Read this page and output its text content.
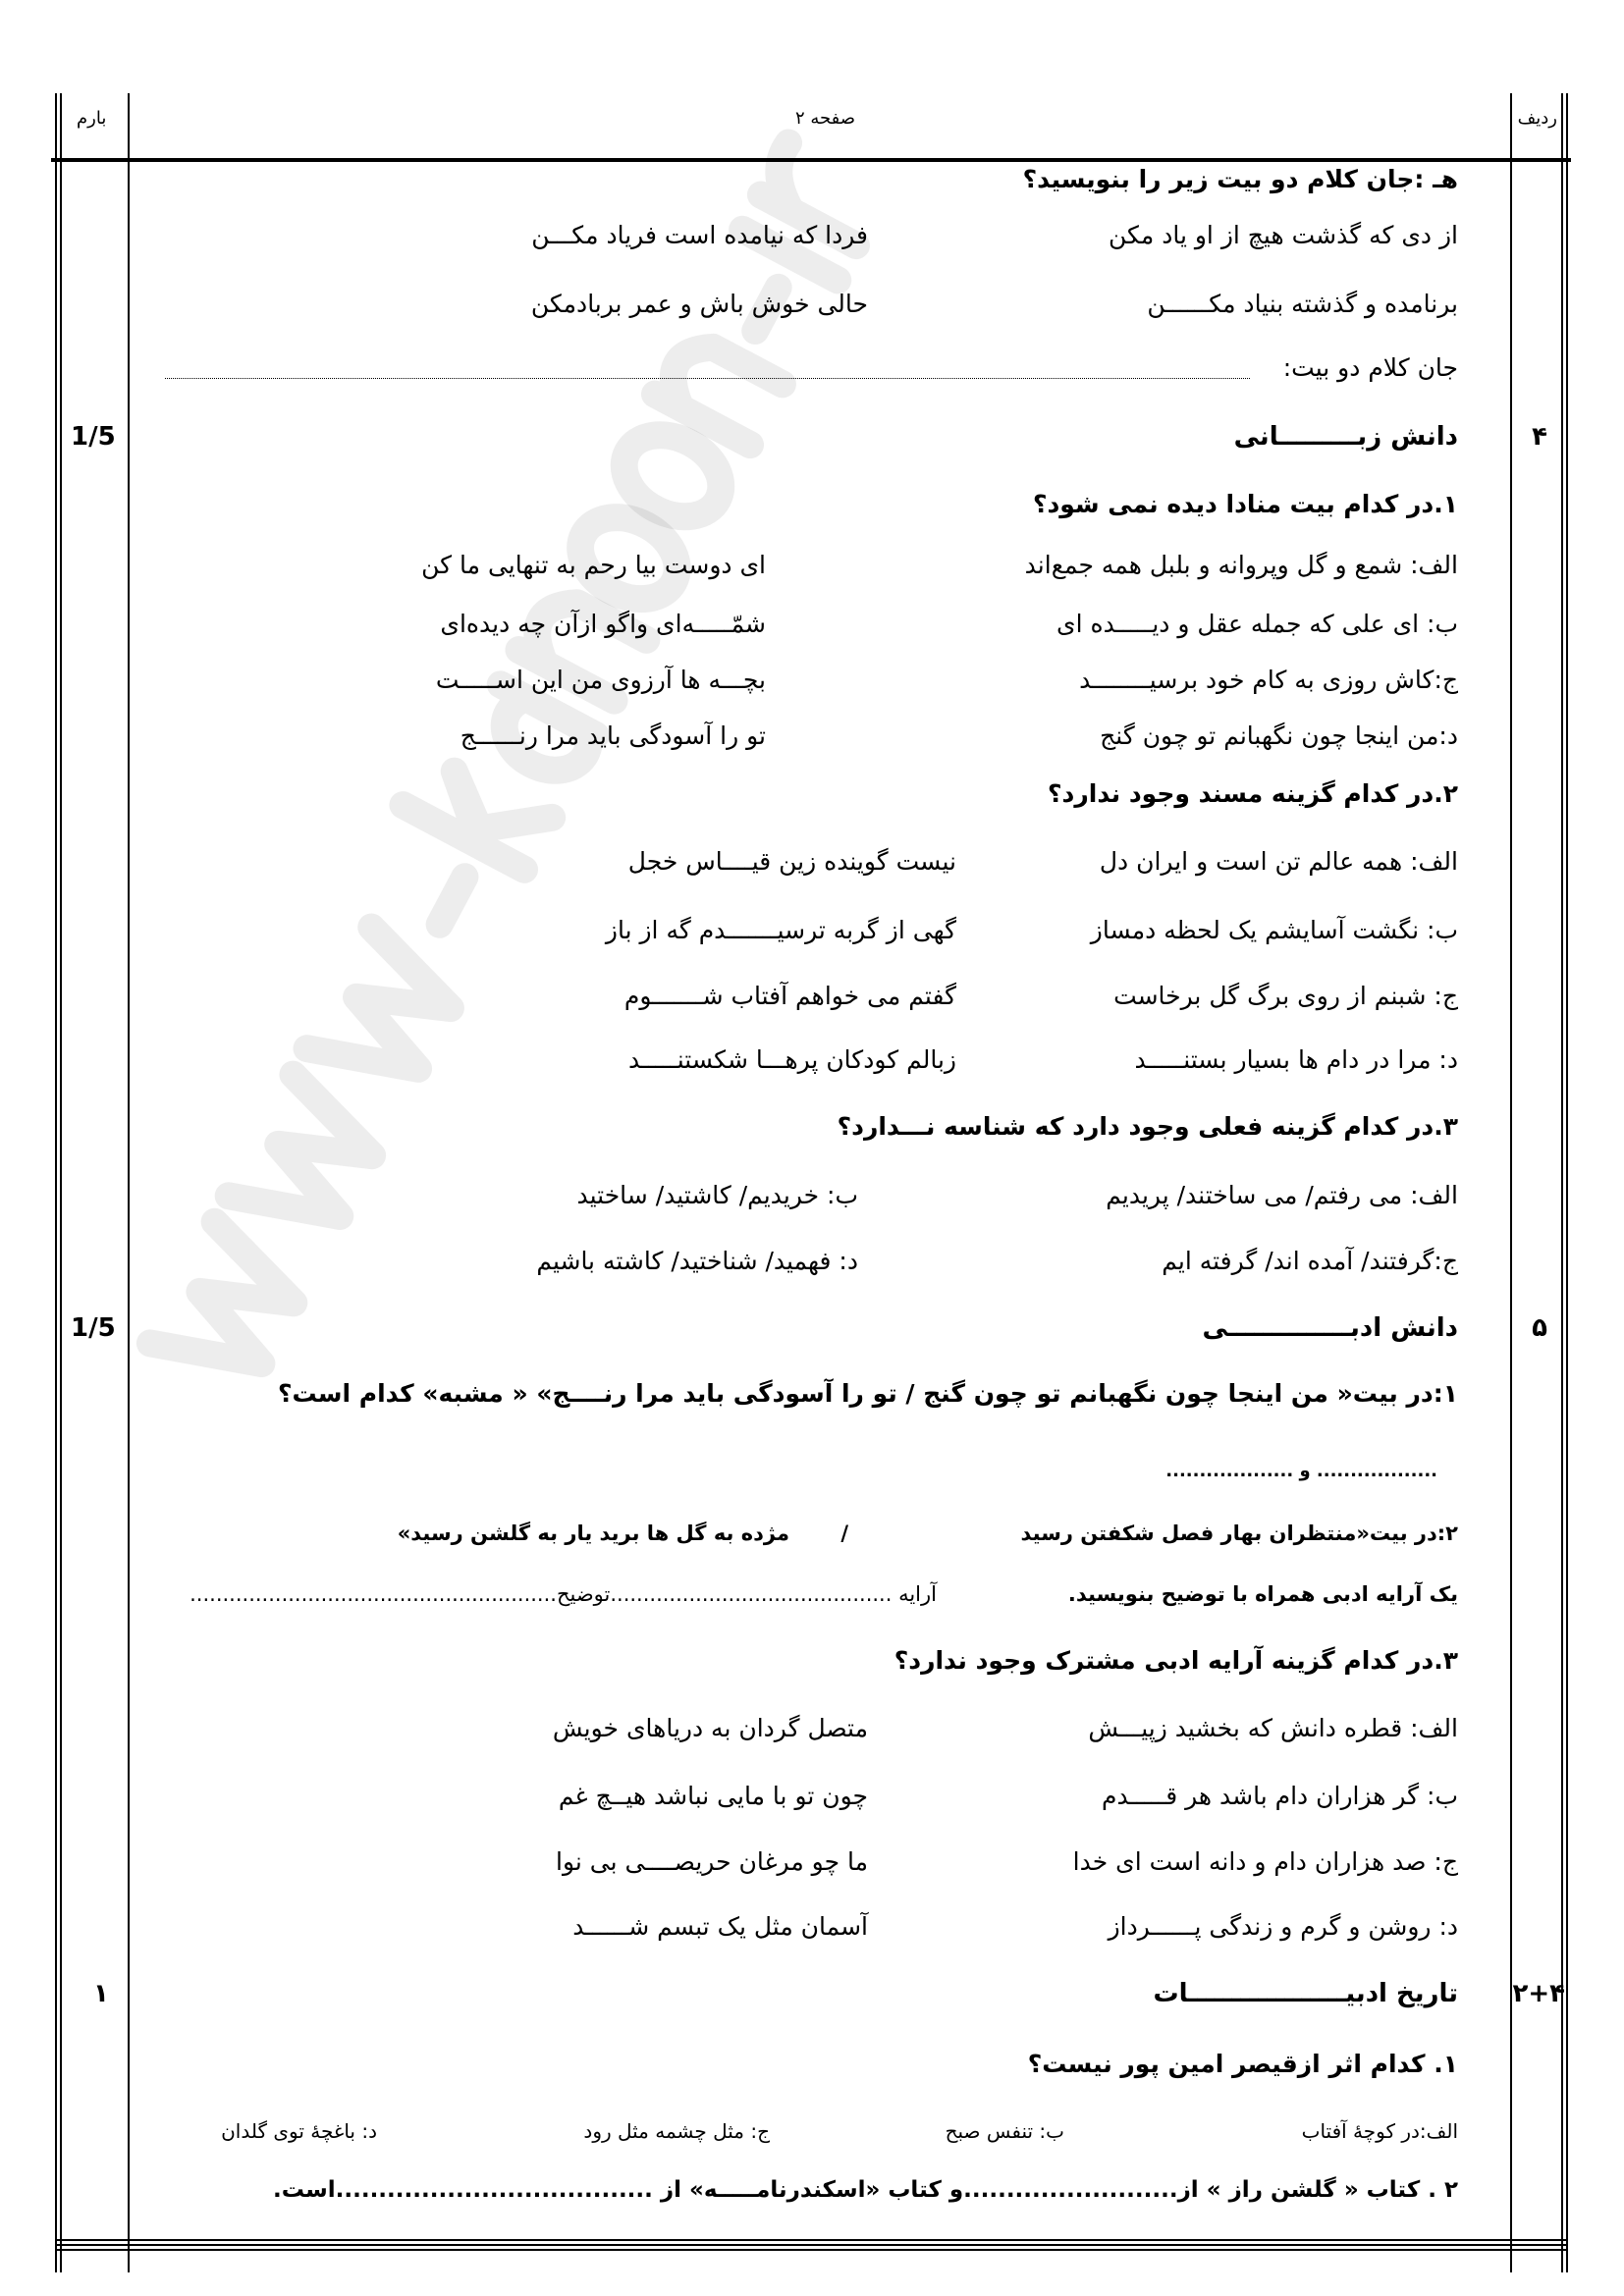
بارم	صفحه ۲	ردیف
هـ :جان کلام دو بیت زیر را بنویسید؟
از دی که گذشت هیچ از او یاد مکن
فردا که نیامده است فریاد مکـــن
برنامده و گذشته بنیاد مکــــــن
حالی خوش باش و عمر بربادمکن
جان کلام دو بیت:
۴
1/5	دانش زبـــــــــانی
۱.در کدام بیت منادا دیده نمی شود؟
الف: شمع و گل وپروانه و بلبل همه جمع‌اند
ای دوست بیا رحم به تنهایی ما کن
ب: ای علی که جمله عقل و دیـــــده ای
شمّـــــه‌ای واگو ازآن چه دیده‌ای
ج:کاش روزی به کام خود برسیــــــــد
بچـــه ها آرزوی من این اســـــت
د:من اینجا چون نگهبانم تو چون گنج
تو را آسودگی باید مرا رنــــــج
۲.در کدام گزینه مسند وجود ندارد؟
الف: همه عالم تن است و ایران دل
نیست گوینده زین قیــــاس خجل
ب: نگشت آسایشم یک لحظه دمساز
گهی از گربه ترسیـــــــدم گه از باز
ج: شبنم از روی برگ گل برخاست
گفتم می خواهم آفتاب شـــــــوم
د: مرا در دام ها بسیار بستنـــــد
زبالم کودکان پرهـــا شکستنـــــد
۳.در کدام گزینه فعلی وجود دارد که شناسه نـــدارد؟
الف: می رفتم/ می ساختند/ پریدیم
ب: خریدیم/ کاشتید/ ساختید
ج:گرفتند/ آمده اند/ گرفته ایم
د: فهمید/ شناختید/ کاشته باشیم
۵
1/5	دانش ادبــــــــــــــی
۱:در بیت« من اینجا چون نگهبانم تو چون گنج / تو را آسودگی باید مرا رنــــج» « مشبه» کدام است؟
.................. و ...................
۲:در بیت«منتظران بهار فصل شکفتن رسید
/
مژده به گل ها برید یار به گلشن رسید»
یک آرایه ادبی همراه با توضیح بنویسید.
آرایه ...........................................توضیح........................................................
۳.در کدام گزینه آرایه ادبی مشترک وجود ندارد؟
الف: قطره دانش که بخشید زپیـــش
متصل گردان به دریاهای خویش
ب: گر هزاران دام باشد هر قـــــدم
چون تو با مایی نباشد هیــچ غم
ج: صد هزاران دام و دانه است ای خدا
ما چو مرغان حریصــــی بی نوا
د: روشن و گرم و زندگی پــــــرداز
آسمان مثل یک تبسم شــــــد
۲+۴
۱	تاریخ ادبیــــــــــــــــــات
۱. کدام اثر ازقیصر امین پور نیست؟
الف:در کوچهٔ آفتاب
ب: تنفس صبح
ج: مثل چشمه مثل رود
د: باغچهٔ توی گلدان
۲ . کتاب « گلشن راز » از.........................و کتاب «اسکندرنامـــــه» از .....................................است.
